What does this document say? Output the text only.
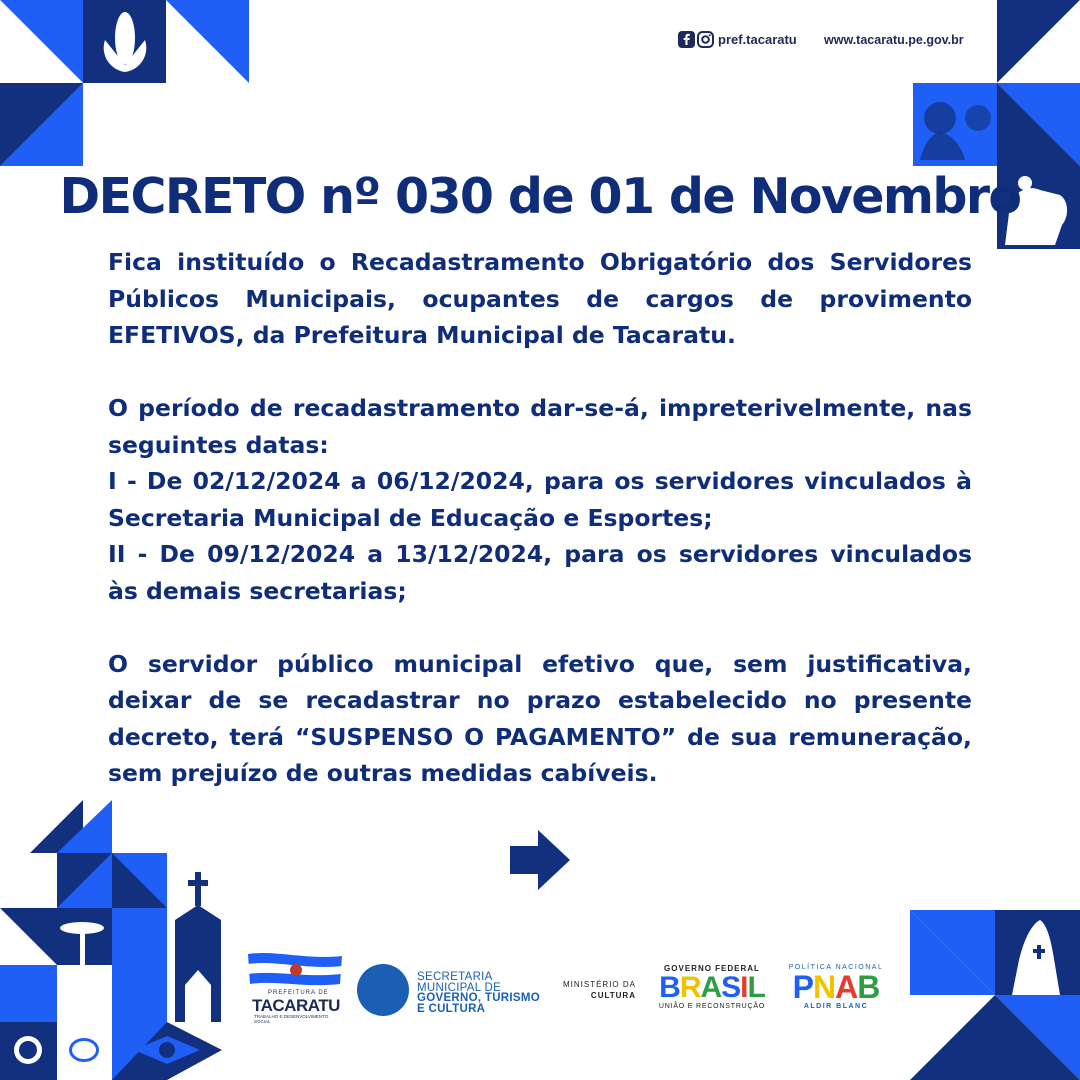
pref.tacaratu www.tacaratu.pe.gov.br
DECRETO nº 030 de 01 de Novembro

Fica instituído o Recadastramento Obrigatório dos Servidores Públicos Municipais, ocupantes de cargos de provimento EFETIVOS, da Prefeitura Municipal de Tacaratu.

O período de recadastramento dar-se-á, impreterivelmente, nas seguintes datas:

I - De 02/12/2024 a 06/12/2024, para os servidores vinculados à Secretaria Municipal de Educação e Esportes;

II - De 09/12/2024 a 13/12/2024, para os servidores vinculados às demais secretarias;

O servidor público municipal efetivo que, sem justificativa, deixar de se recadastrar no prazo estabelecido no presente decreto, terá “SUSPENSO O PAGAMENTO” de sua remuneração, sem prejuízo de outras medidas cabíveis.

PREFEITURA DE
TACARATU
TRABALHO E DESENVOLVIMENTO SOCIAL
SECRETARIA
MUNICIPAL DE
GOVERNO, TURISMO
E CULTURA
MINISTÉRIO DA
CULTURA
GOVERNO FEDERAL
BRASIL
UNIÃO E RECONSTRUÇÃO
POLÍTICA NACIONAL
PNAB
ALDIR BLANC
